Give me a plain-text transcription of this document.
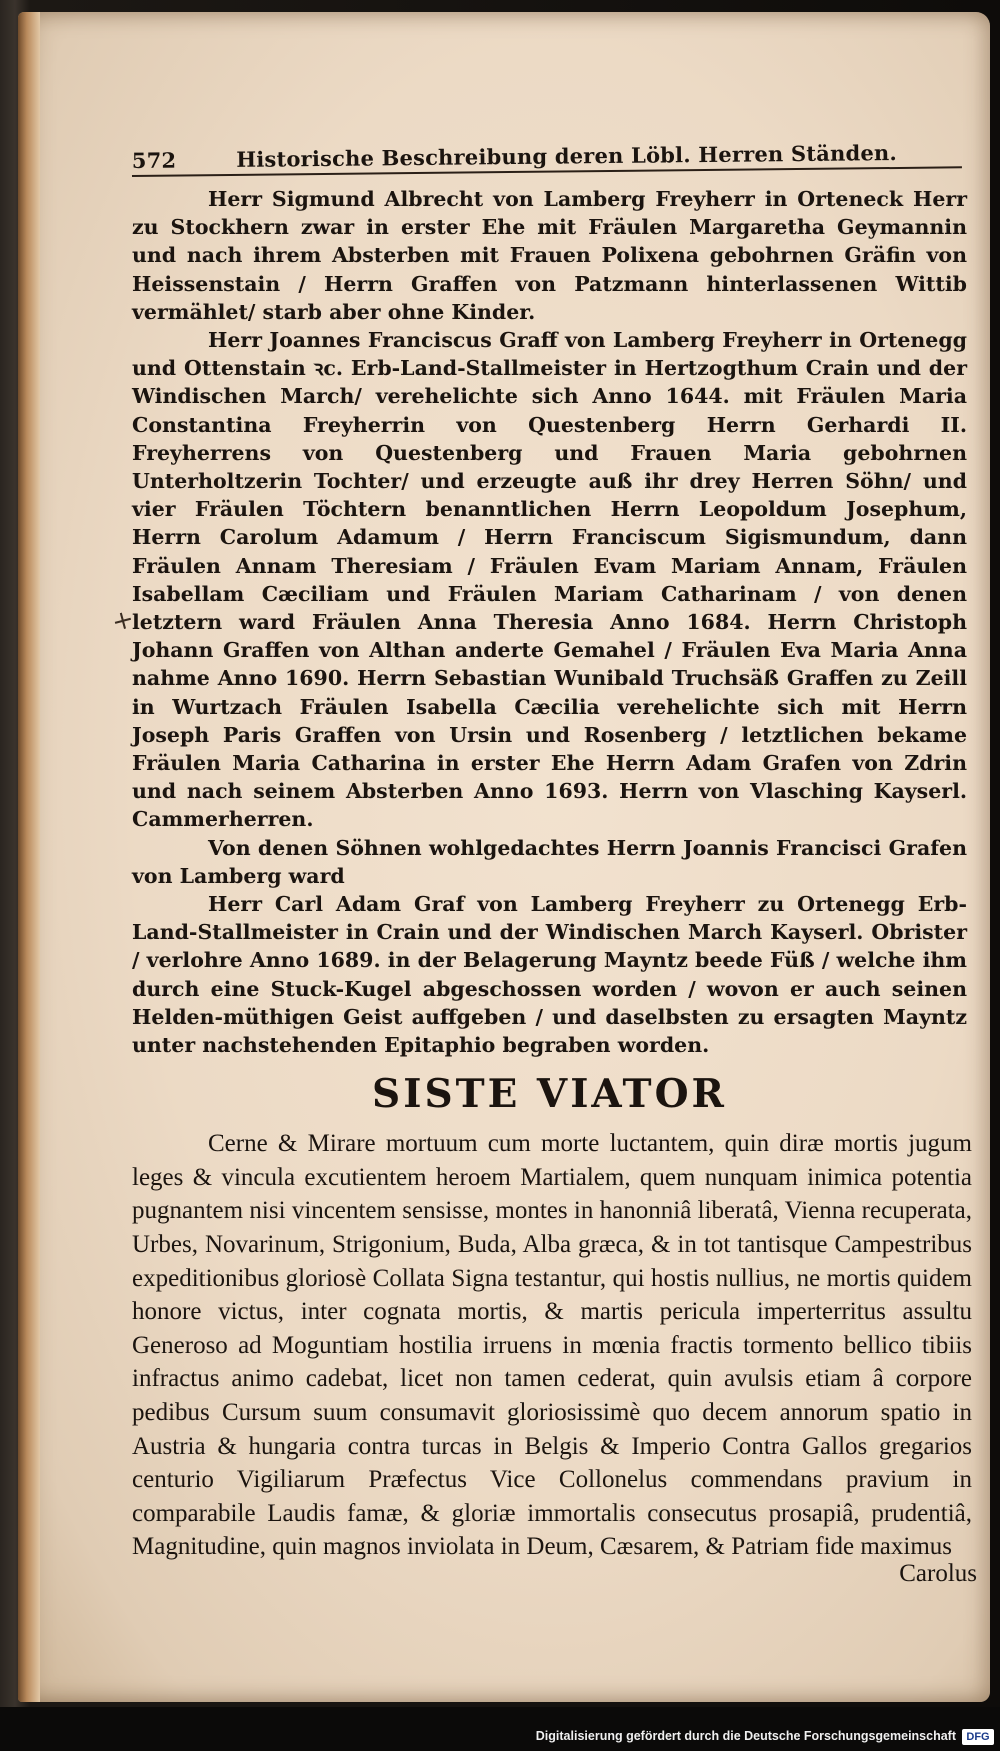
+
572	Historische Beschreibung deren Löbl. Herren Ständen.

Herr Sigmund Albrecht von Lamberg Freyherr in Orteneck Herr zu Stockhern zwar in erster Ehe mit Fräulen Margaretha Geymannin und nach ihrem Absterben mit Frauen Polixena gebohrnen Gräfin von Heissenstain / Herrn Graffen von Patzmann hinterlassenen Wittib vermählet/ starb aber ohne Kinder.

Herr Joannes Franciscus Graff von Lamberg Freyherr in Ortenegg und Ottenstain ꝛc. Erb-Land-Stallmeister in Hertzogthum Crain und der Windischen March/ verehelichte sich Anno 1644. mit Fräulen Maria Constantina Freyherrin von Questenberg Herrn Gerhardi II. Freyherrens von Questenberg und Frauen Maria gebohrnen Unterholtzerin Tochter/ und erzeugte auß ihr drey Herren Söhn/ und vier Fräulen Töchtern benanntlichen Herrn Leopoldum Josephum, Herrn Carolum Adamum / Herrn Franciscum Sigismundum, dann Fräulen Annam Theresiam / Fräulen Evam Mariam Annam, Fräulen Isabellam Cæciliam und Fräulen Mariam Catharinam / von denen letztern ward Fräulen Anna Theresia Anno 1684. Herrn Christoph Johann Graffen von Althan anderte Gemahel / Fräulen Eva Maria Anna nahme Anno 1690. Herrn Sebastian Wunibald Truchsäß Graffen zu Zeill in Wurtzach Fräulen Isabella Cæcilia verehelichte sich mit Herrn Joseph Paris Graffen von Ursin und Rosenberg / letztlichen bekame Fräulen Maria Catharina in erster Ehe Herrn Adam Grafen von Zdrin und nach seinem Absterben Anno 1693. Herrn von Vlasching Kayserl. Cammerherren.

Von denen Söhnen wohlgedachtes Herrn Joannis Francisci Grafen von Lamberg ward

Herr Carl Adam Graf von Lamberg Freyherr zu Ortenegg Erb-Land-Stallmeister in Crain und der Windischen March Kayserl. Obrister / verlohre Anno 1689. in der Belagerung Mayntz beede Füß / welche ihm durch eine Stuck-Kugel abgeschossen worden / wovon er auch seinen Helden-müthigen Geist auffgeben / und daselbsten zu ersagten Mayntz unter nachstehenden Epitaphio begraben worden.

SISTE VIATOR

Cerne & Mirare mortuum cum morte luctantem, quin diræ mortis jugum leges & vincula excutientem heroem Martialem, quem nunquam inimica potentia pugnantem nisi vincentem sensisse, montes in hanonniâ liberatâ, Vienna recuperata, Urbes, Novarinum, Strigonium, Buda, Alba græca, & in tot tantisque Campestribus expeditionibus gloriosè Collata Signa testantur, qui hostis nullius, ne mortis quidem honore victus, inter cognata mortis, & martis pericula imperterritus assultu Generoso ad Moguntiam hostilia irruens in mœnia fractis tormento bellico tibiis infractus animo cadebat, licet non tamen cederat, quin avulsis etiam â corpore pedibus Cursum suum consumavit gloriosissimè quo decem annorum spatio in Austria & hungaria contra turcas in Belgis & Imperio Contra Gallos gregarios centurio Vigiliarum Præfectus Vice Collonelus commendans pravium in comparabile Laudis famæ, & gloriæ immortalis consecutus prosapiâ, prudentiâ, Magnitudine, quin magnos inviolata in Deum, Cæsarem, & Patriam fide maximus

Carolus
Digitalisierung gefördert durch die Deutsche Forschungsgemeinschaft DFG
